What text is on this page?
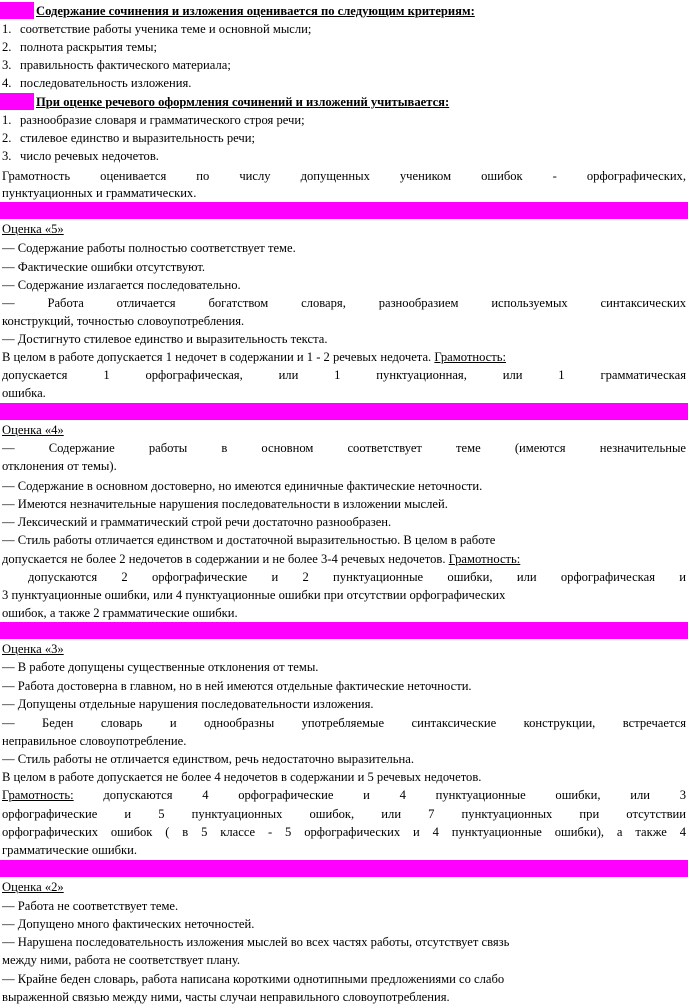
Содержание сочинения и изложения оценивается по следующим критериям:
1. соответствие работы ученика теме и основной мысли;
2. полнота раскрытия темы;
3. правильность фактического материала;
4. последовательность изложения.
При оценке речевого оформления сочинений и изложений учитывается:
1. разнообразие словаря и грамматического строя речи;
2. стилевое единство и выразительность речи;
3. число речевых недочетов.
Грамотность оценивается по числу допущенных учеником ошибок - орфографических,
пунктуационных и грамматических.
Оценка «5»
— Содержание работы полностью соответствует теме.
— Фактические ошибки отсутствуют.
— Содержание излагается последовательно.
— Работа отличается богатством словаря, разнообразием используемых синтаксических
конструкций, точностью словоупотребления.
— Достигнуто стилевое единство и выразительность текста.
В целом в работе допускается 1 недочет в содержании и 1 - 2 речевых недочета. Грамотность:
допускается 1 орфографическая, или 1 пунктуационная, или 1 грамматическая
ошибка.
Оценка «4»
— Содержание работы в основном соответствует теме (имеются незначительные
отклонения от темы).
— Содержание в основном достоверно, но имеются единичные фактические неточности.
— Имеются незначительные нарушения последовательности в изложении мыслей.
— Лексический и грамматический строй речи достаточно разнообразен.
— Стиль работы отличается единством и достаточной выразительностью. В целом в работе
допускается не более 2 недочетов в содержании и не более 3-4 речевых недочетов. Грамотность:
допускаются 2 орфографические и 2 пунктуационные ошибки, или орфографическая и
3 пунктуационные ошибки, или 4 пунктуационные ошибки при отсутствии орфографических
ошибок, а также 2 грамматические ошибки.
Оценка «3»
— В работе допущены существенные отклонения от темы.
— Работа достоверна в главном, но в ней имеются отдельные фактические неточности.
— Допущены отдельные нарушения последовательности изложения.
— Беден словарь и однообразны употребляемые синтаксические конструкции, встречается
неправильное словоупотребление.
— Стиль работы не отличается единством, речь недостаточно выразительна.
В целом в работе допускается не более 4 недочетов в содержании и 5 речевых недочетов.
Грамотность: допускаются 4 орфографические и 4 пунктуационные ошибки, или 3
орфографические и 5 пунктуационных ошибок, или 7 пунктуационных при отсутствии
орфографических ошибок ( в 5 классе - 5 орфографических и 4 пунктуационные ошибки), а также 4
грамматические ошибки.
Оценка «2»
— Работа не соответствует теме.
— Допущено много фактических неточностей.
— Нарушена последовательность изложения мыслей во всех частях работы, отсутствует связь
между ними, работа не соответствует плану.
— Крайне беден словарь, работа написана короткими однотипными предложениями со слабо
выраженной связью между ними, часты случаи неправильного словоупотребления.
